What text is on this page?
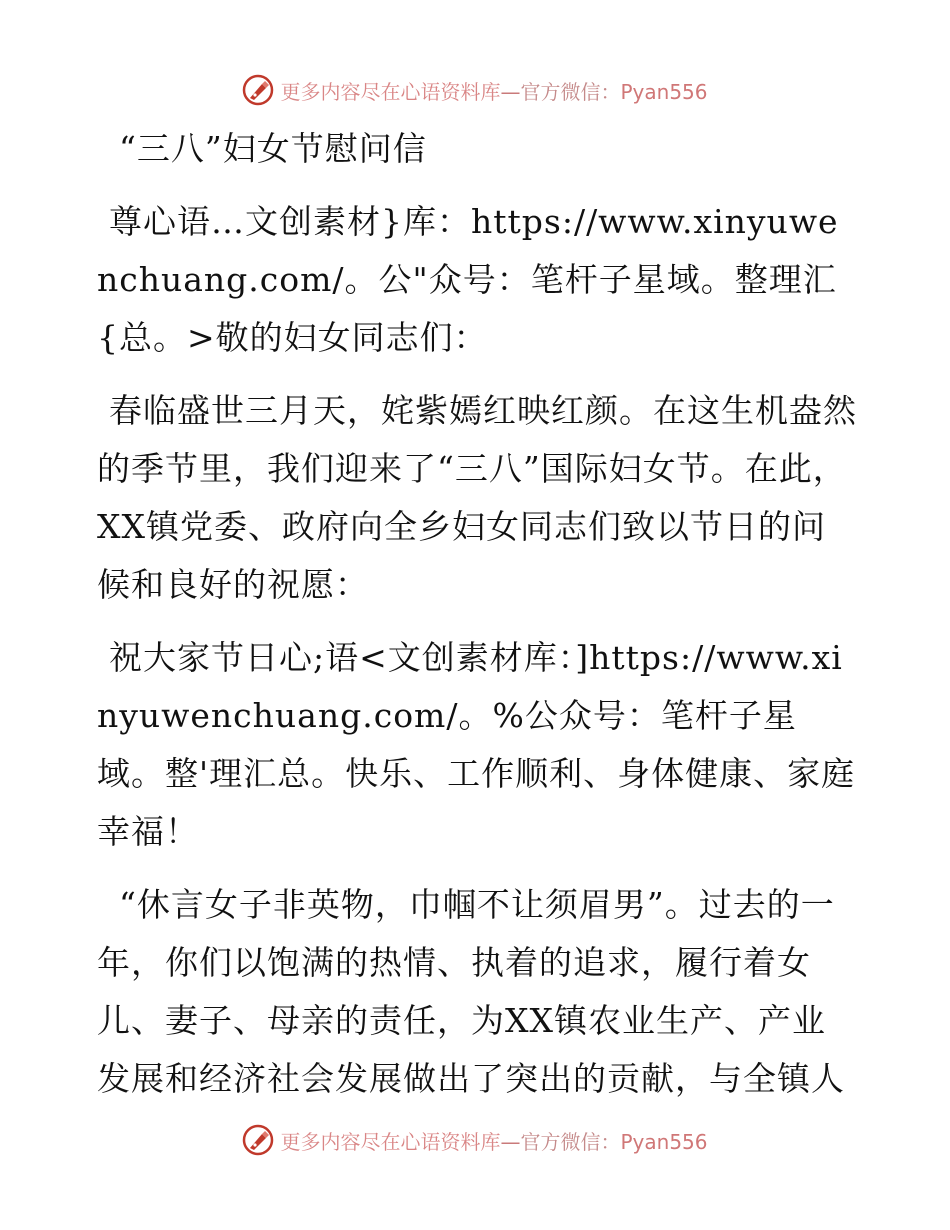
更多内容尽在心语资料库—官方微信：Pyan556

“三八”妇女节慰问信

尊心语…文创素材}库：https://www.xinyuwenchuang.com/。公"众号：笔杆子星域。整理汇{总。>敬的妇女同志们：

春临盛世三月天，姹紫嫣红映红颜。在这生机盎然的季节里，我们迎来了“三八”国际妇女节。在此，XX镇党委、政府向全乡妇女同志们致以节日的问候和良好的祝愿：

祝大家节日心;语<文创素材库：]https://www.xinyuwenchuang.com/。%公众号：笔杆子星域。整'理汇总。快乐、工作顺利、身体健康、家庭幸福！

“休言女子非英物，巾帼不让须眉男”。过去的一年，你们以饱满的热情、执着的追求，履行着女儿、妻子、母亲的责任，为XX镇农业生产、产业发展和经济社会发展做出了突出的贡献，与全镇人

更多内容尽在心语资料库—官方微信：Pyan556
